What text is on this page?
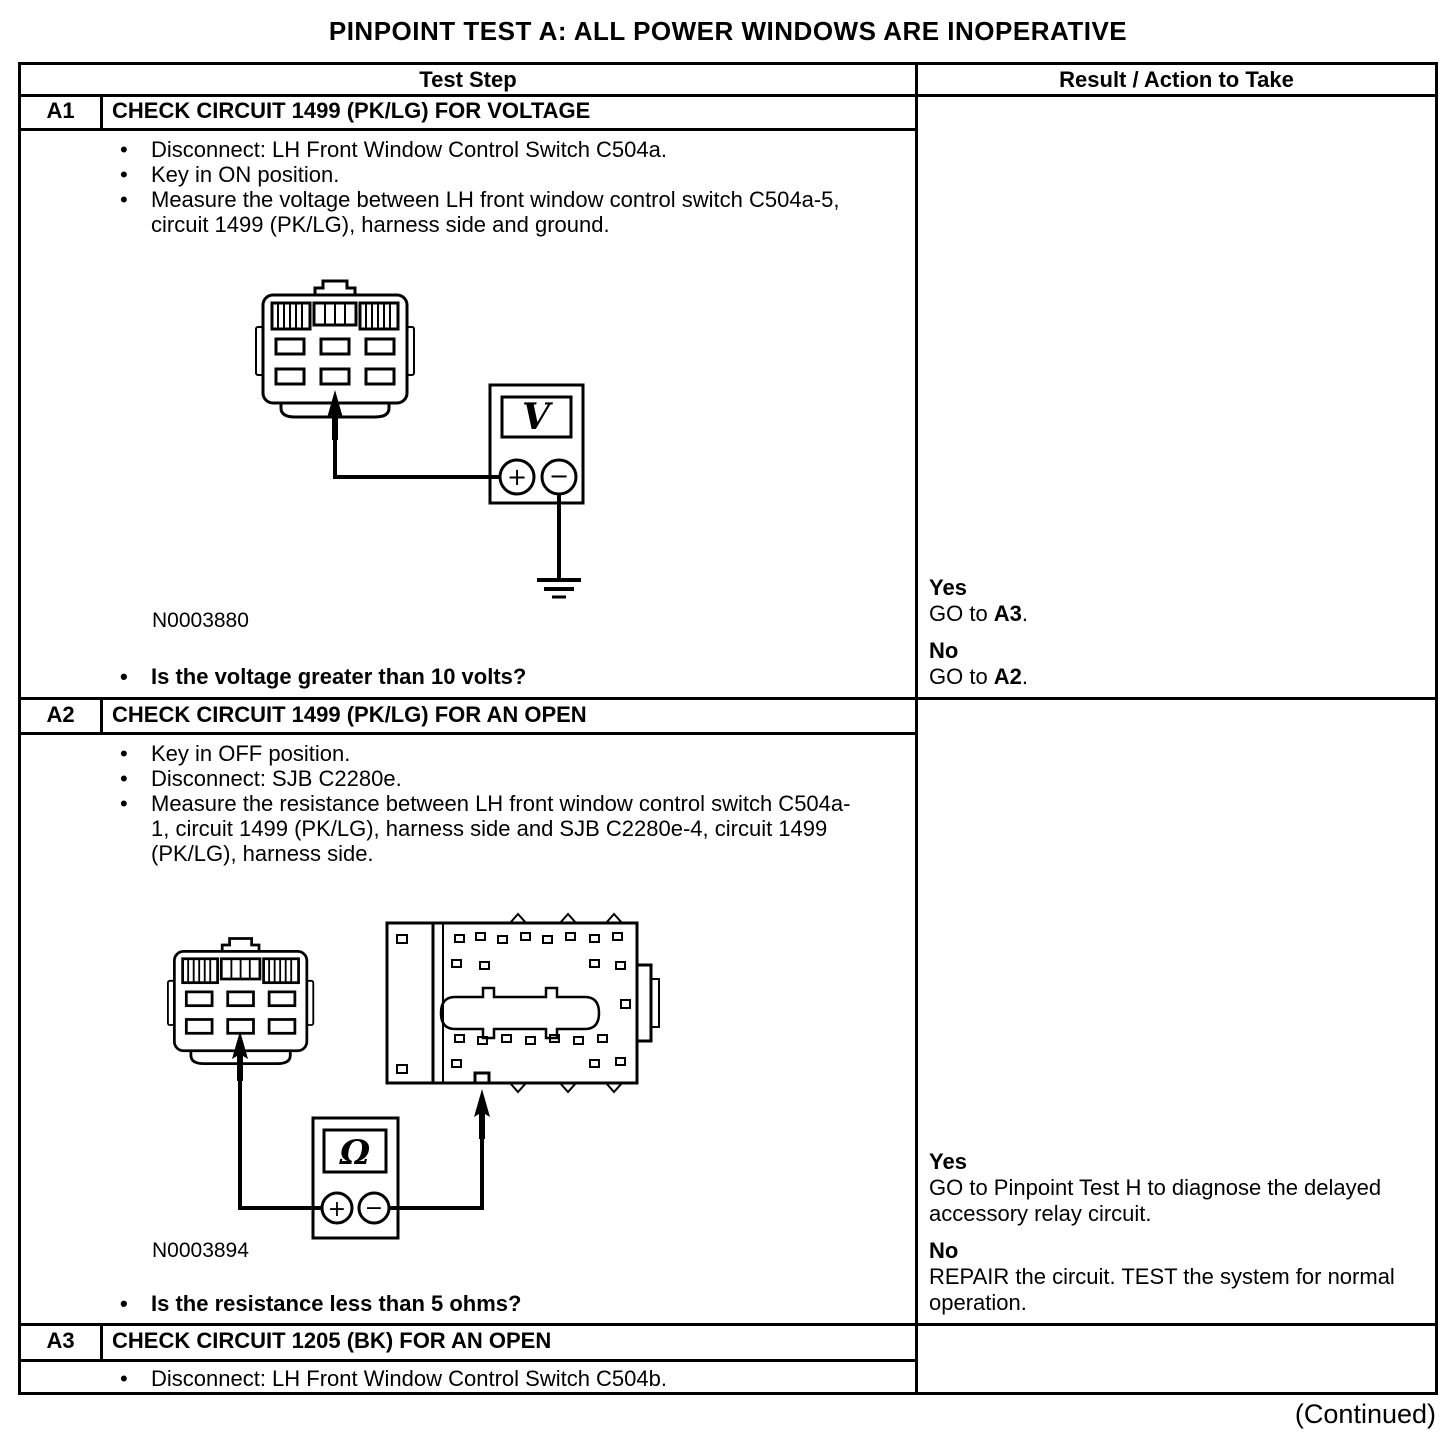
PINPOINT TEST A: ALL POWER WINDOWS ARE INOPERATIVE
Test Step	Result / Action to Take
A1	CHECK CIRCUIT 1499 (PK/LG) FOR VOLTAGE
•	Disconnect: LH Front Window Control Switch C504a.
•	Key in ON position.
•	Measure the voltage between LH front window control switch C504a-5, circuit 1499 (PK/LG), harness side and ground.
V
+ −
N0003880
•	Is the voltage greater than 10 volts?
Yes
GO to A3.
No
GO to A2.
A2	CHECK CIRCUIT 1499 (PK/LG) FOR AN OPEN
•	Key in OFF position.
•	Disconnect: SJB C2280e.
•	Measure the resistance between LH front window control switch C504a-1, circuit 1499 (PK/LG), harness side and SJB C2280e-4, circuit 1499 (PK/LG), harness side.
Ω
+ −
N0003894
•	Is the resistance less than 5 ohms?
Yes
GO to Pinpoint Test H to diagnose the delayed accessory relay circuit.
No
REPAIR the circuit. TEST the system for normal operation.
A3	CHECK CIRCUIT 1205 (BK) FOR AN OPEN
•	Disconnect: LH Front Window Control Switch C504b.
(Continued)
